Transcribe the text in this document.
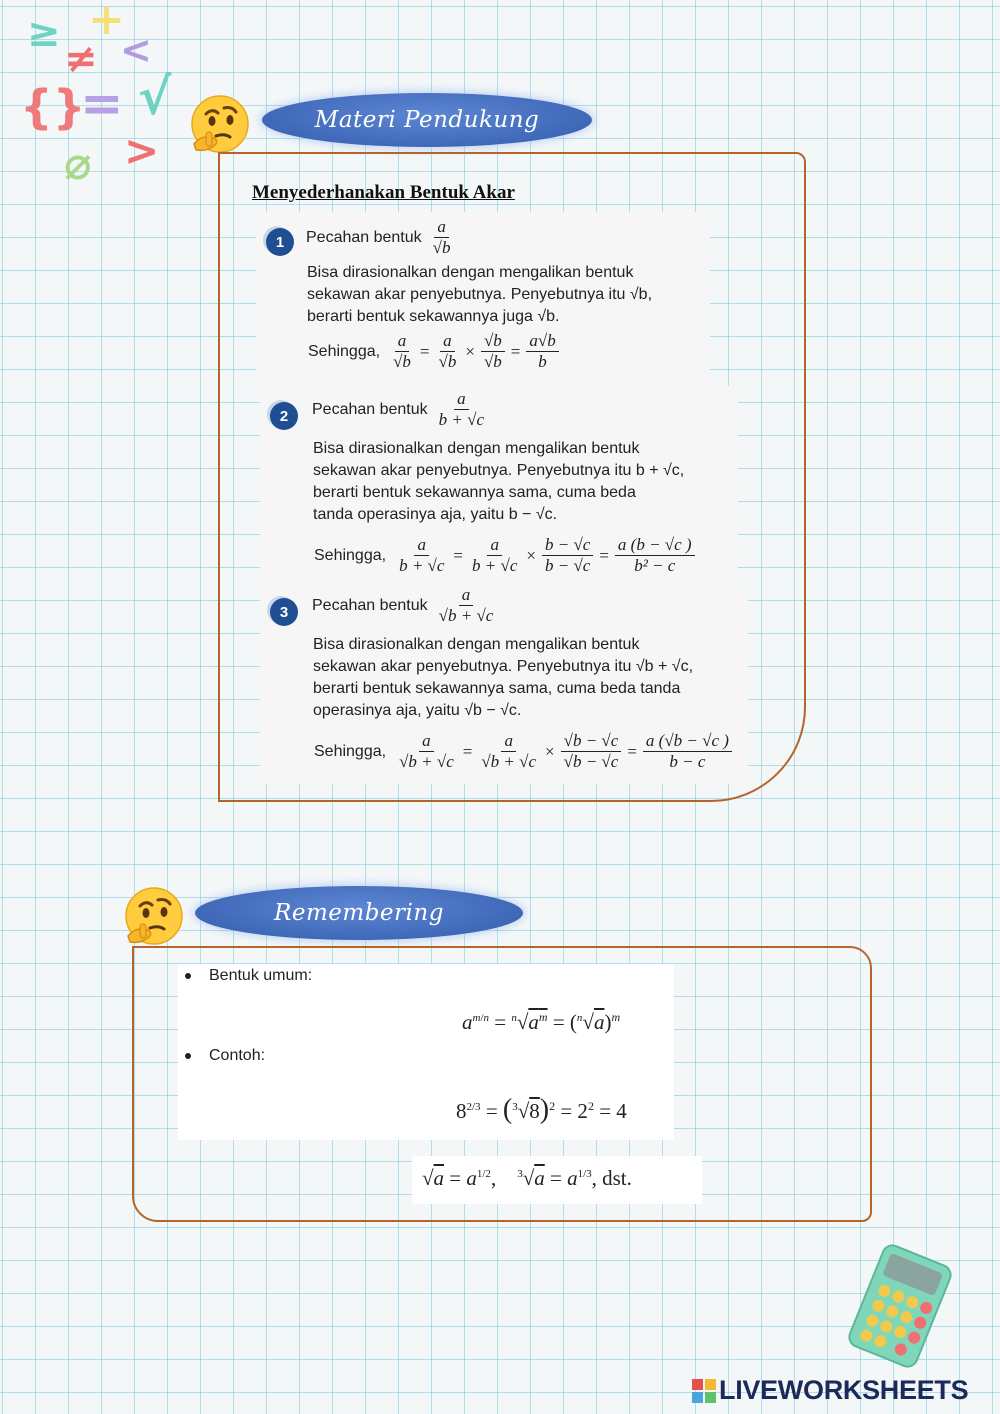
≥ +
≠ <
{}
= √
⌀ >
Materi Pendukung
Menyederhanakan Bentuk Akar
1	Pecahan bentuk $\frac{a}{√b}$
Bisa dirasionalkan dengan mengalikan bentuk
sekawan akar penyebutnya. Penyebutnya itu √b,
berarti bentuk sekawannya juga √b.
Sehingga, $\frac{a}{√b} = \frac{a}{√b} \times \frac{√b}{√b} = \frac{a√b}{b}$
2	Pecahan bentuk $\frac{a}{b + √c}$
Bisa dirasionalkan dengan mengalikan bentuk
sekawan akar penyebutnya. Penyebutnya itu b + √c,
berarti bentuk sekawannya sama, cuma beda
tanda operasinya aja, yaitu b − √c.
Sehingga, $\frac{a}{b + √c} = \frac{a}{b + √c} \times \frac{b - √c}{b - √c} = \frac{a (b - √c )}{\text{b² − c}}$
3	Pecahan bentuk $\frac{a}{√b + √c}$
Bisa dirasionalkan dengan mengalikan bentuk
sekawan akar penyebutnya. Penyebutnya itu √b + √c,
berarti bentuk sekawannya sama, cuma beda tanda
operasinya aja, yaitu √b − √c.
Sehingga, $\frac{a}{√b + √c} = \frac{a}{√b + √c} \times \frac{√b - √c}{√b - √c} = \frac{a (√b - √c )}{b - c}$
Remembering
Bentuk umum:
$a^{m/n} = ^n√a^m = (^n√a)^m$
Contoh:
$8^{2/3} = (^3√8)^2 = 2^2 = 4$
$√a = a^{1/2}$,    $^3√a = a^{1/3}$, dst.
LIVEWORKSHEETS
